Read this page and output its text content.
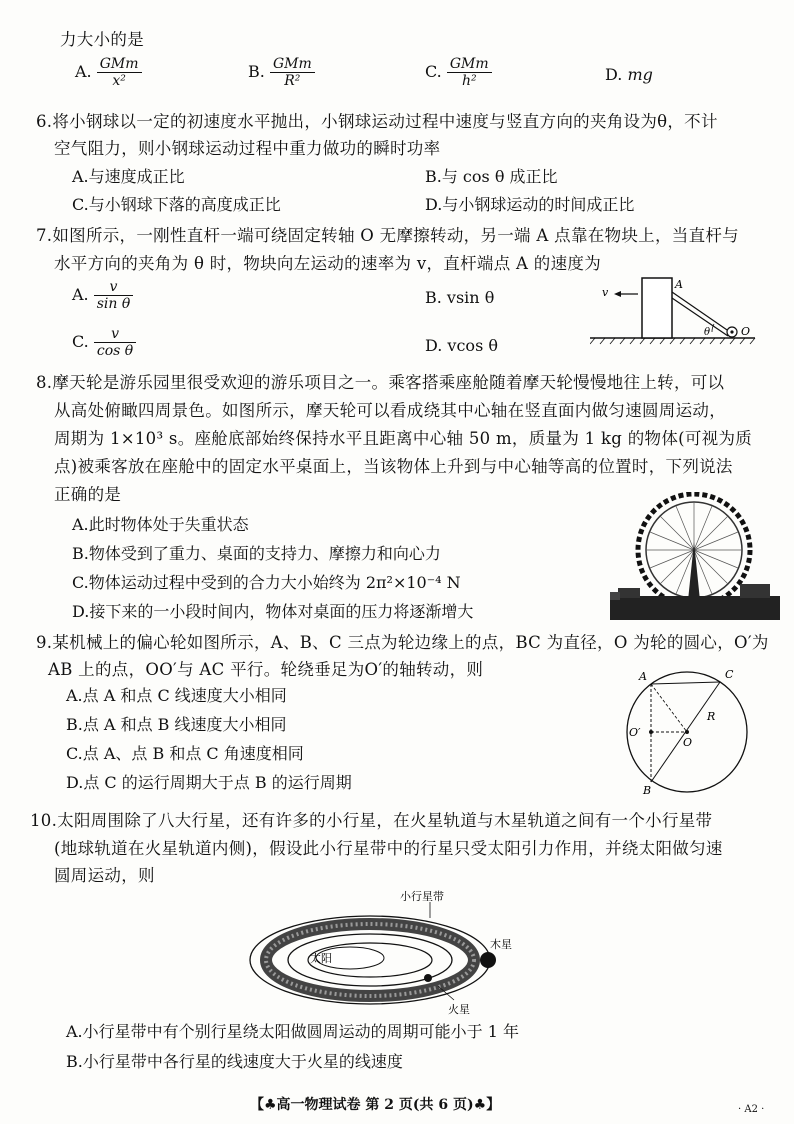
力大小的是
A. $\frac{\text{GMm}}{\text{x²}}$	B. $\frac{\text{GMm}}{\text{R²}}$	C. $\frac{\text{GMm}}{\text{h²}}$	D. mg
6.将小钢球以一定的初速度水平抛出，小钢球运动过程中速度与竖直方向的夹角设为θ，不计
空气阻力，则小钢球运动过程中重力做功的瞬时功率
A.与速度成正比	B.与 cos θ 成正比
C.与小钢球下落的高度成正比	D.与小钢球运动的时间成正比
7.如图所示，一刚性直杆一端可绕固定转轴 O 无摩擦转动，另一端 A 点靠在物块上，当直杆与
水平方向的夹角为 θ 时，物块向左运动的速率为 v，直杆端点 A 的速度为
A. $\frac{v}{\text{sin θ}}$	B. vsin θ
C. $\frac{v}{\text{cos θ}}$	D. vcos θ
v
A
θ	O
8.摩天轮是游乐园里很受欢迎的游乐项目之一。乘客搭乘座舱随着摩天轮慢慢地往上转，可以
从高处俯瞰四周景色。如图所示，摩天轮可以看成绕其中心轴在竖直面内做匀速圆周运动，
周期为 1×10³ s。座舱底部始终保持水平且距离中心轴 50 m，质量为 1 kg 的物体(可视为质
点)被乘客放在座舱中的固定水平桌面上，当该物体上升到与中心轴等高的位置时，下列说法
正确的是
A.此时物体处于失重状态
B.物体受到了重力、桌面的支持力、摩擦力和向心力
C.物体运动过程中受到的合力大小始终为 2π²×10⁻⁴ N
D.接下来的一小段时间内，物体对桌面的压力将逐渐增大
9.某机械上的偏心轮如图所示，A、B、C 三点为轮边缘上的点，BC 为直径，O 为轮的圆心，O′为
AB 上的点，OO′与 AC 平行。轮绕垂足为O′的轴转动，则
A.点 A 和点 C 线速度大小相同
B.点 A 和点 B 线速度大小相同
C.点 A、点 B 和点 C 角速度相同
D.点 C 的运行周期大于点 B 的运行周期
A	C
R
O′
O
B
10.太阳周围除了八大行星，还有许多的小行星，在火星轨道与木星轨道之间有一个小行星带
(地球轨道在火星轨道内侧)，假设此小行星带中的行星只受太阳引力作用，并绕太阳做匀速
圆周运动，则
太阳
火星
木星
小行星带
A.小行星带中有个别行星绕太阳做圆周运动的周期可能小于 1 年
B.小行星带中各行星的线速度大于火星的线速度
【♣高一物理试卷 第 2 页(共 6 页)♣】	· A2 ·
